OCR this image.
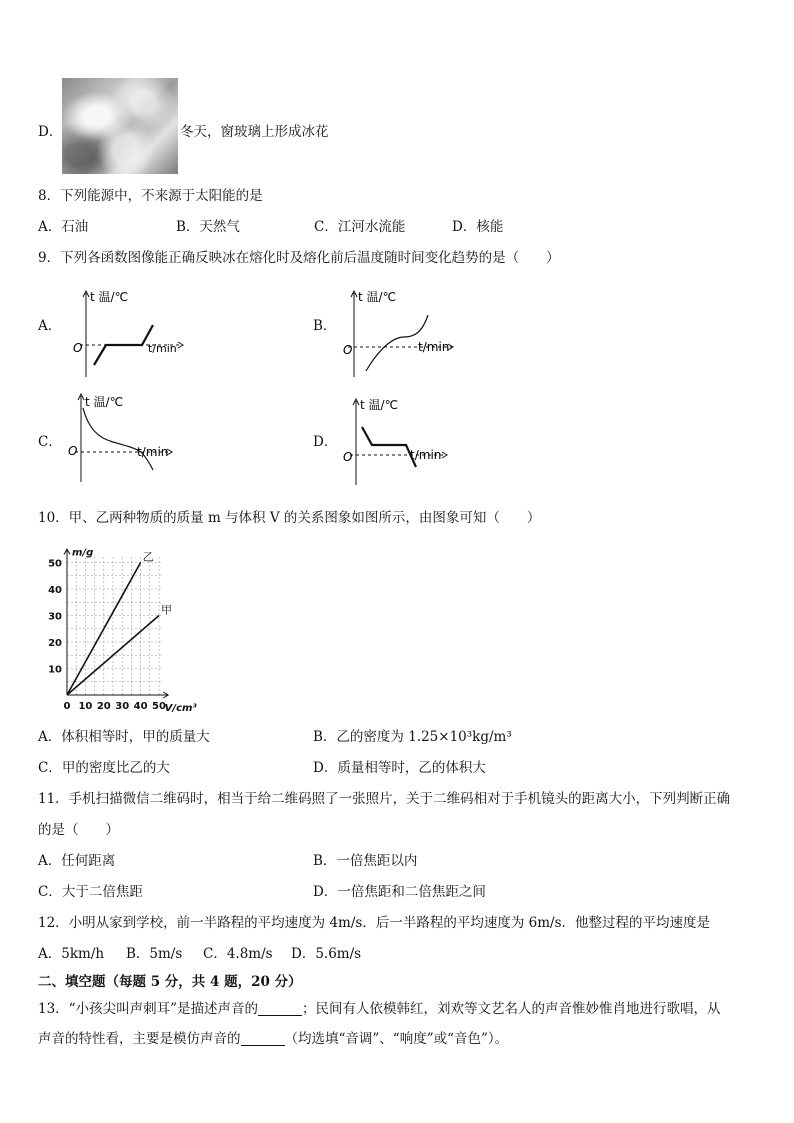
D．	冬天，窗玻璃上形成冰花
8．下列能源中，不来源于太阳能的是
A．石油	B．天然气	C．江河水流能	D．核能
9．下列各函数图像能正确反映冰在熔化时及熔化前后温度随时间变化趋势的是（　　）
A．
t 温/℃
O	t/min
B．
t 温/℃
O	t/min
C．
t 温/℃
O	t/min
D．
t 温/℃
O	t/min
10．甲、乙两种物质的质量 m 与体积 V 的关系图象如图所示，由图象可知（　　）
0 10 20 30 40 50
10
20
30
40
50
m/g
V/cm³
乙
甲
A．体积相等时，甲的质量大	B．乙的密度为 1.25×10³kg/m³
C．甲的密度比乙的大	D．质量相等时，乙的体积大
11．手机扫描微信二维码时，相当于给二维码照了一张照片，关于二维码相对于手机镜头的距离大小，下列判断正确
的是（　　）
A．任何距离	B．一倍焦距以内
C．大于二倍焦距	D．一倍焦距和二倍焦距之间
12．小明从家到学校，前一半路程的平均速度为 4m/s．后一半路程的平均速度为 6m/s．他整过程的平均速度是
A．5km/h B．5m/s C．4.8m/s D．5.6m/s
二、填空题（每题 5 分，共 4 题，20 分）
13．“小孩尖叫声刺耳”是描述声音的	；民间有人依模韩红，刘欢等文艺名人的声音惟妙惟肖地进行歌唱，从
声音的特性看，主要是模仿声音的	（均选填“音调”、“响度”或“音色”）。
